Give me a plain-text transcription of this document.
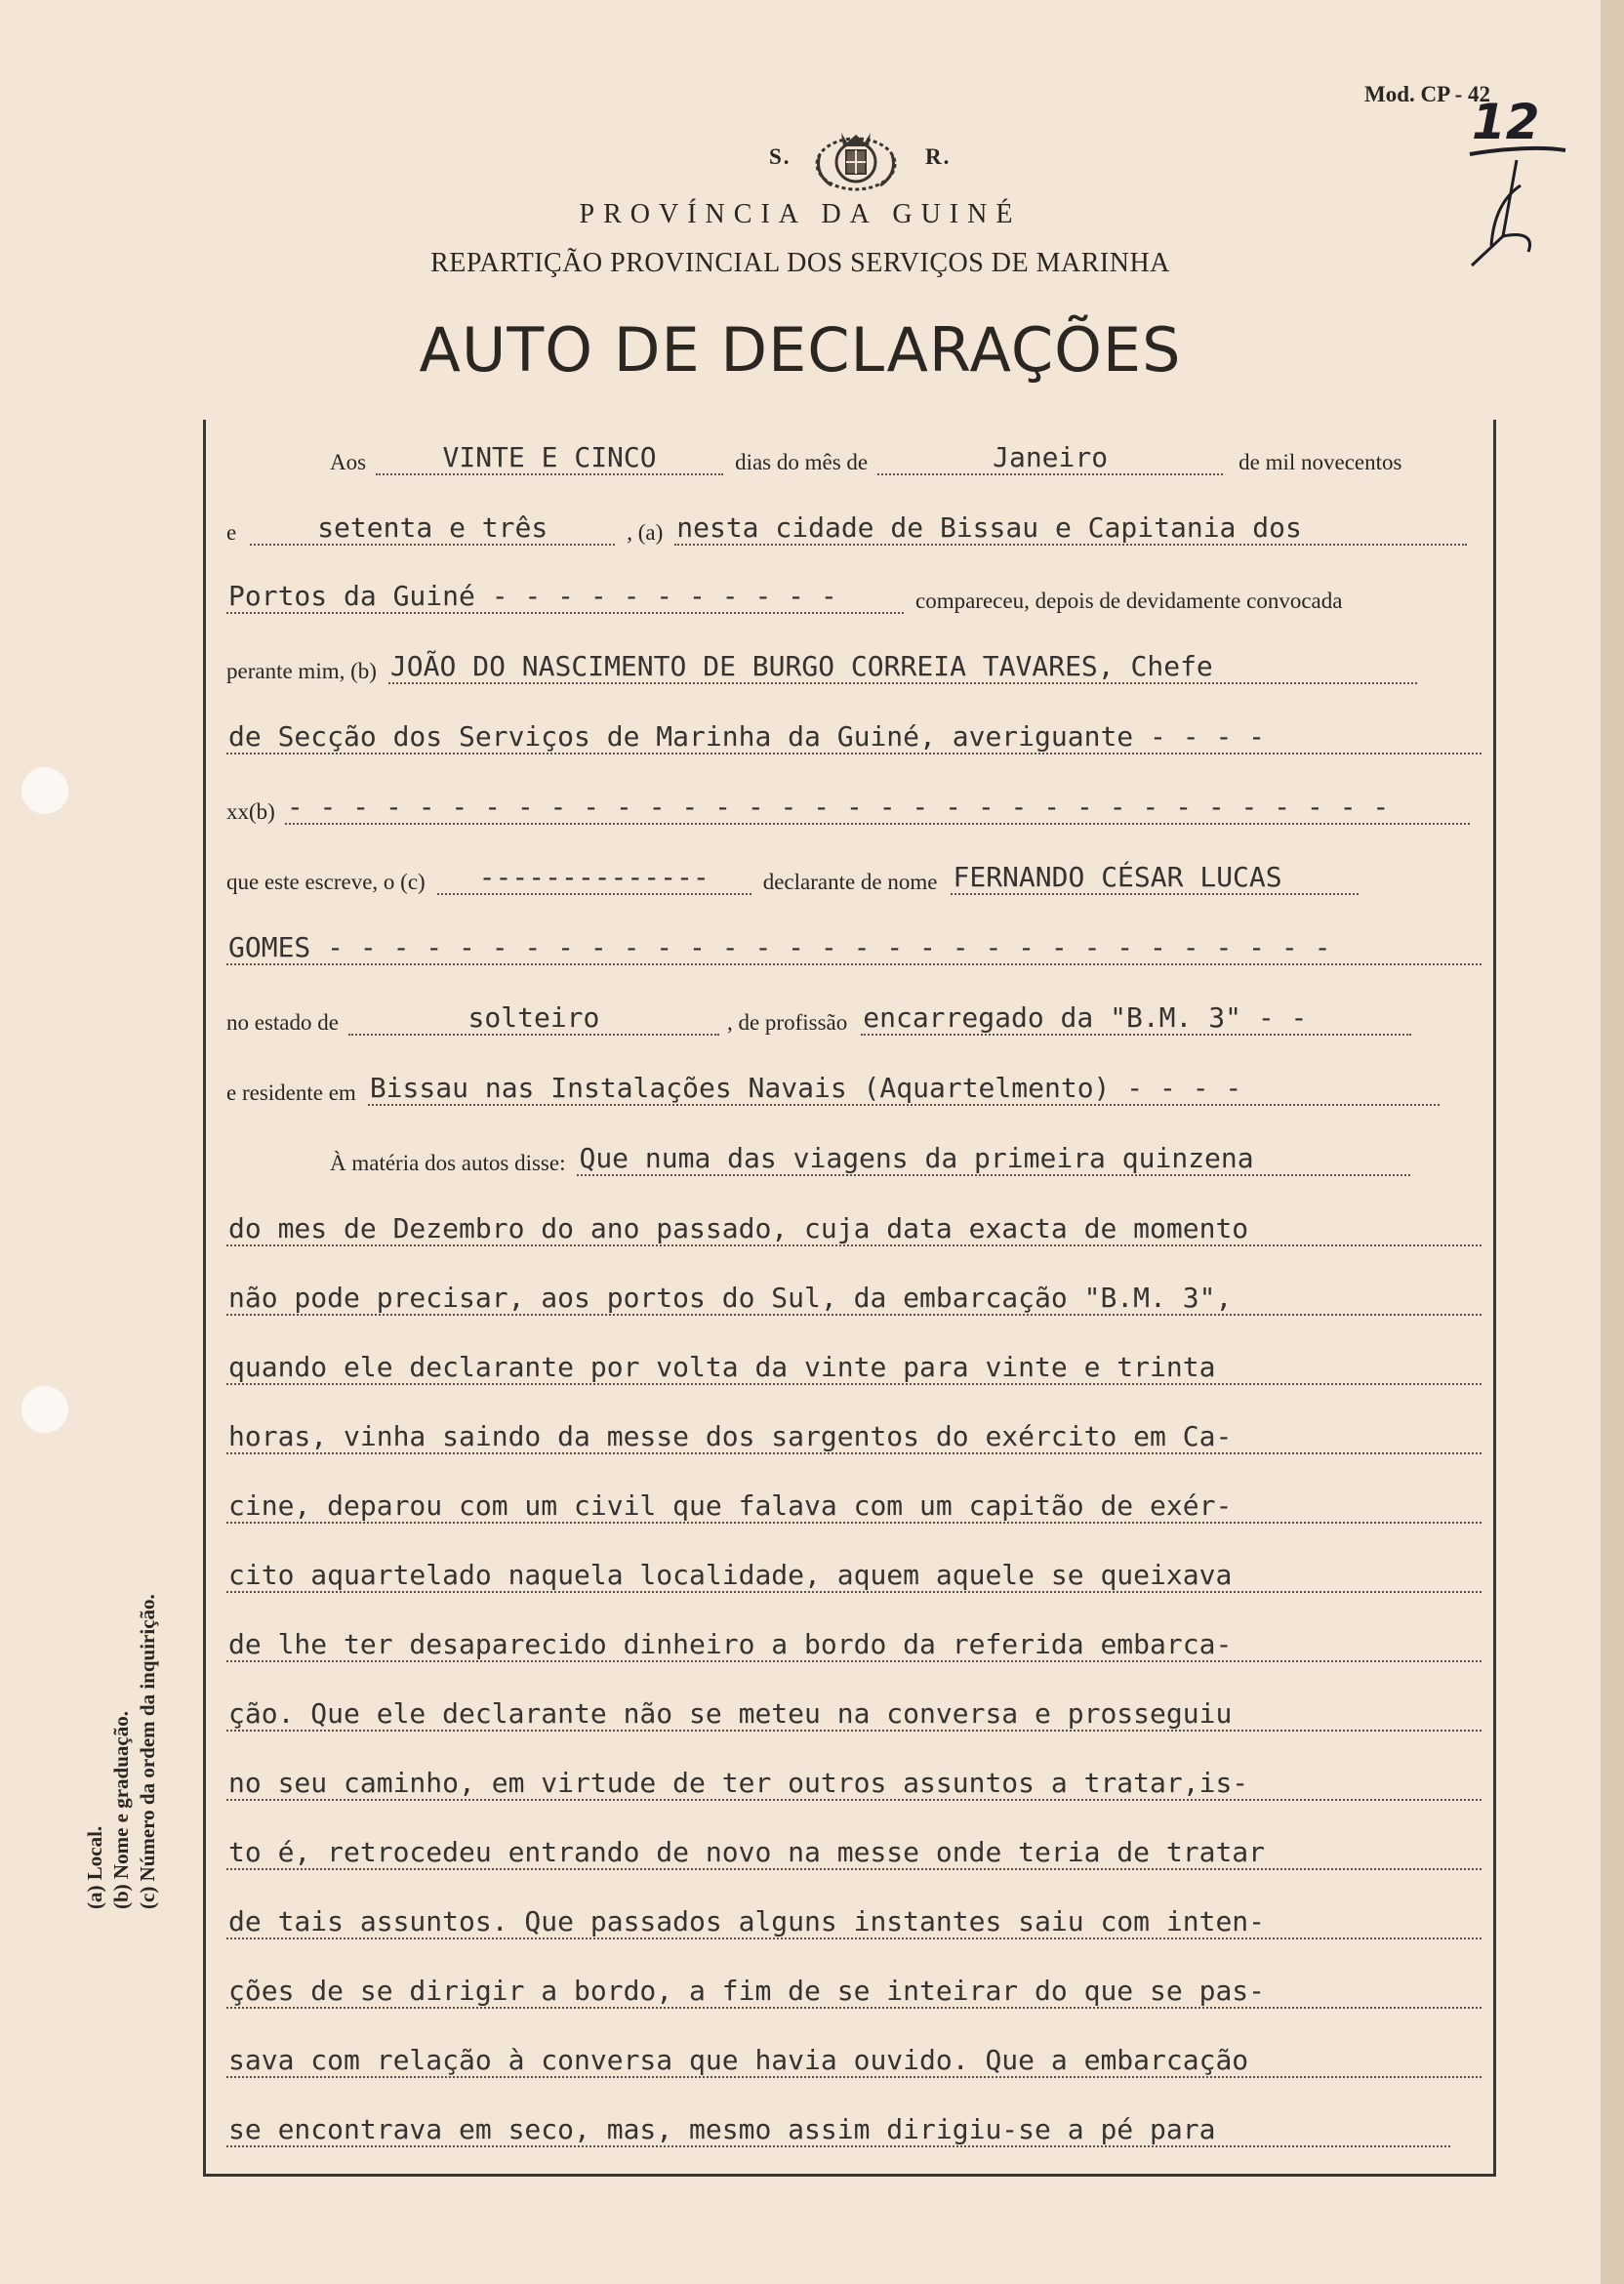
Mod. CP - 42
12
S.	R.
PROVÍNCIA DA GUINÉ
REPARTIÇÃO PROVINCIAL DOS SERVIÇOS DE MARINHA
AUTO DE DECLARAÇÕES
Aos	VINTE E CINCO	dias do mês de	Janeiro	de mil novecentos
e	setenta e três	, (a) nesta cidade de Bissau e Capitania dos
Portos da Guiné - - - - - - - - - - -	compareceu, depois de devidamente convocada
perante mim, (b) JOÃO DO NASCIMENTO DE BURGO CORREIA TAVARES, Chefe
de Secção dos Serviços de Marinha da Guiné, averiguante - - - -
xx(b) - - - - - - - - - - - - - - - - - - - - - - - - - - - - - - - - - -
que este escreve, o (c) -------------- declarante de nome FERNANDO CÉSAR LUCAS
GOMES - - - - - - - - - - - - - - - - - - - - - - - - - - - - - - -
no estado de	solteiro	, de profissão encarregado da "B.M. 3" - -
e residente em Bissau nas Instalações Navais (Aquartelmento) - - - -
À matéria dos autos disse: Que numa das viagens da primeira quinzena
do mes de Dezembro do ano passado, cuja data exacta de momento
não pode precisar, aos portos do Sul, da embarcação "B.M. 3",
quando ele declarante por volta da vinte para vinte e trinta
horas, vinha saindo da messe dos sargentos do exército em Ca-
cine, deparou com um civil que falava com um capitão de exér-
cito aquartelado naquela localidade, aquem aquele se queixava
de lhe ter desaparecido dinheiro a bordo da referida embarca-
ção. Que ele declarante não se meteu na conversa e prosseguiu
no seu caminho, em virtude de ter outros assuntos a tratar,is-
to é, retrocedeu entrando de novo na messe onde teria de tratar
de tais assuntos. Que passados alguns instantes saiu com inten-
ções de se dirigir a bordo, a fim de se inteirar do que se pas-
sava com relação à conversa que havia ouvido. Que a embarcação
se encontrava em seco, mas, mesmo assim dirigiu-se a pé para
(a) Local. (b) Nome e graduação. (c) Número da ordem da inquirição.
